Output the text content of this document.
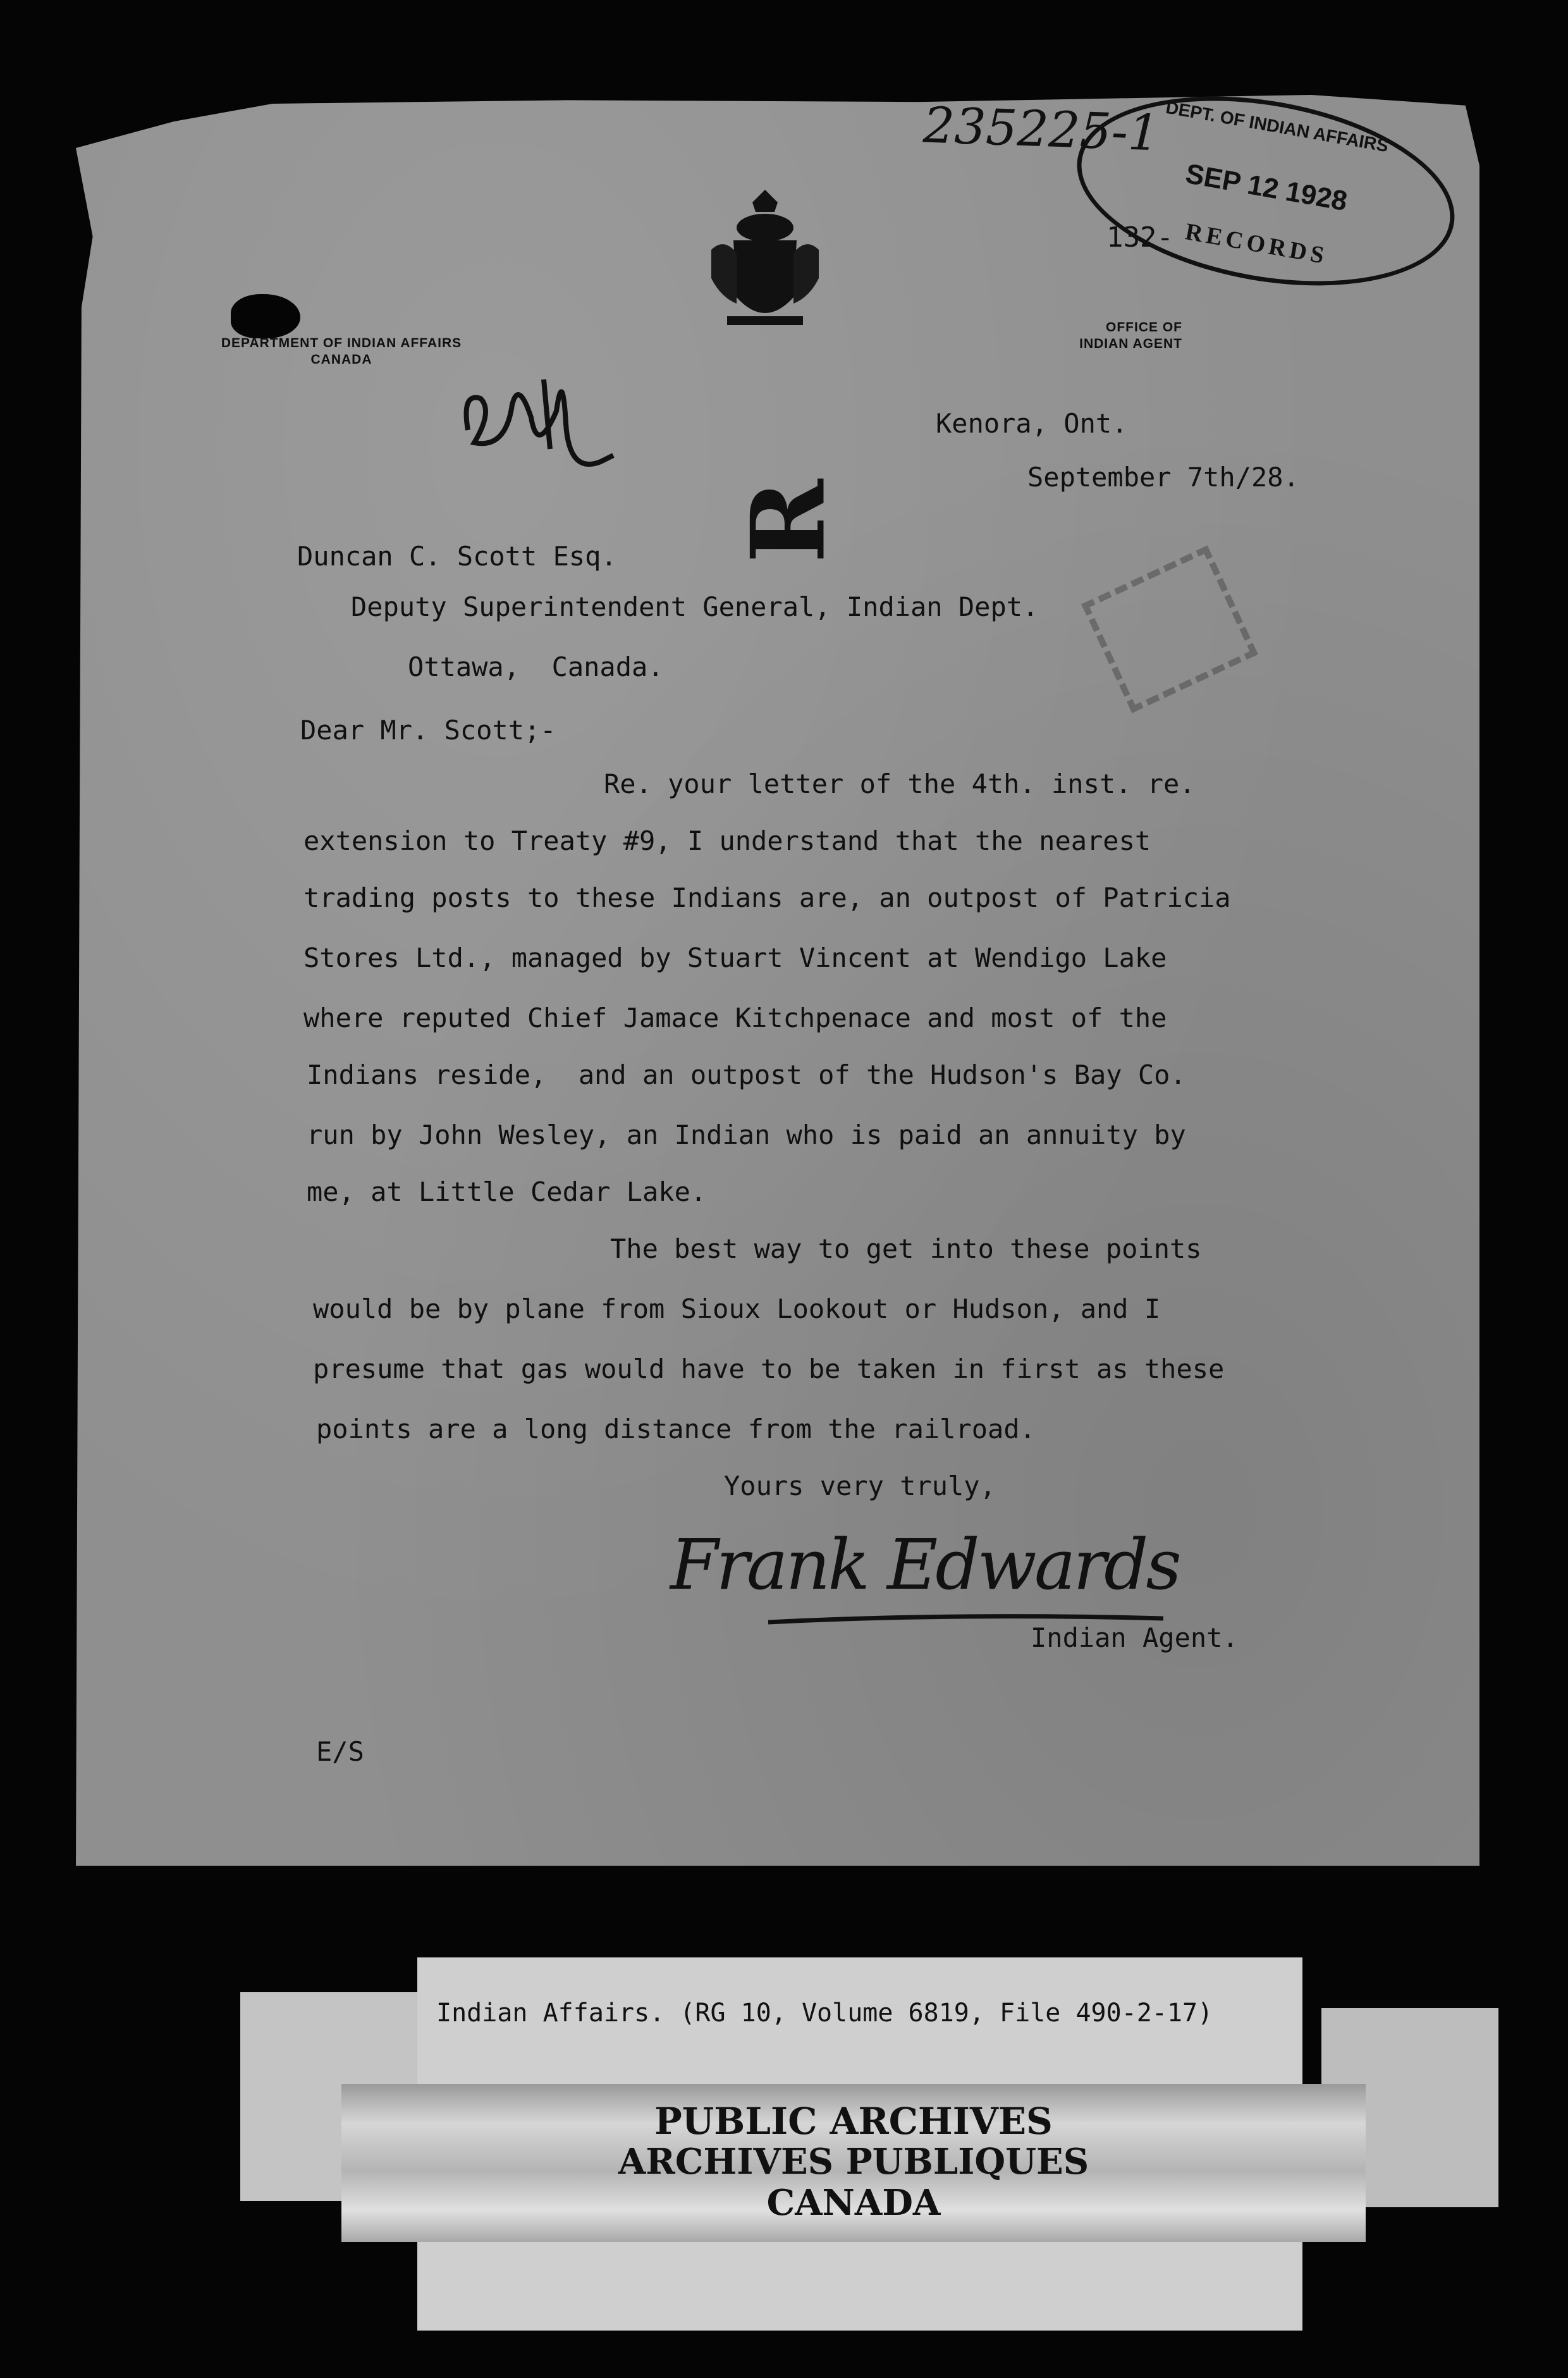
235225-1
DEPARTMENT OF INDIAN AFFAIRS
CANADA
OFFICE OF
INDIAN AGENT
132-
DEPT. OF INDIAN AFFAIRS
SEP 12 1928
RECORDS
R
Kenora, Ont.
September 7th/28.
Duncan C. Scott Esq.
Deputy Superintendent General, Indian Dept.
Ottawa,  Canada.
Dear Mr. Scott;-
Re. your letter of the 4th. inst. re.
extension to Treaty #9, I understand that the nearest
trading posts to these Indians are, an outpost of Patricia
Stores Ltd., managed by Stuart Vincent at Wendigo Lake
where reputed Chief Jamace Kitchpenace and most of the
Indians reside,  and an outpost of the Hudson's Bay Co.
run by John Wesley, an Indian who is paid an annuity by
me, at Little Cedar Lake.
The best way to get into these points
would be by plane from Sioux Lookout or Hudson, and I
presume that gas would have to be taken in first as these
points are a long distance from the railroad.
Yours very truly,
Frank Edwards
Indian Agent.
E/S
Indian Affairs. (RG 10, Volume 6819, File 490-2-17)
PUBLIC ARCHIVES
ARCHIVES PUBLIQUES
CANADA
